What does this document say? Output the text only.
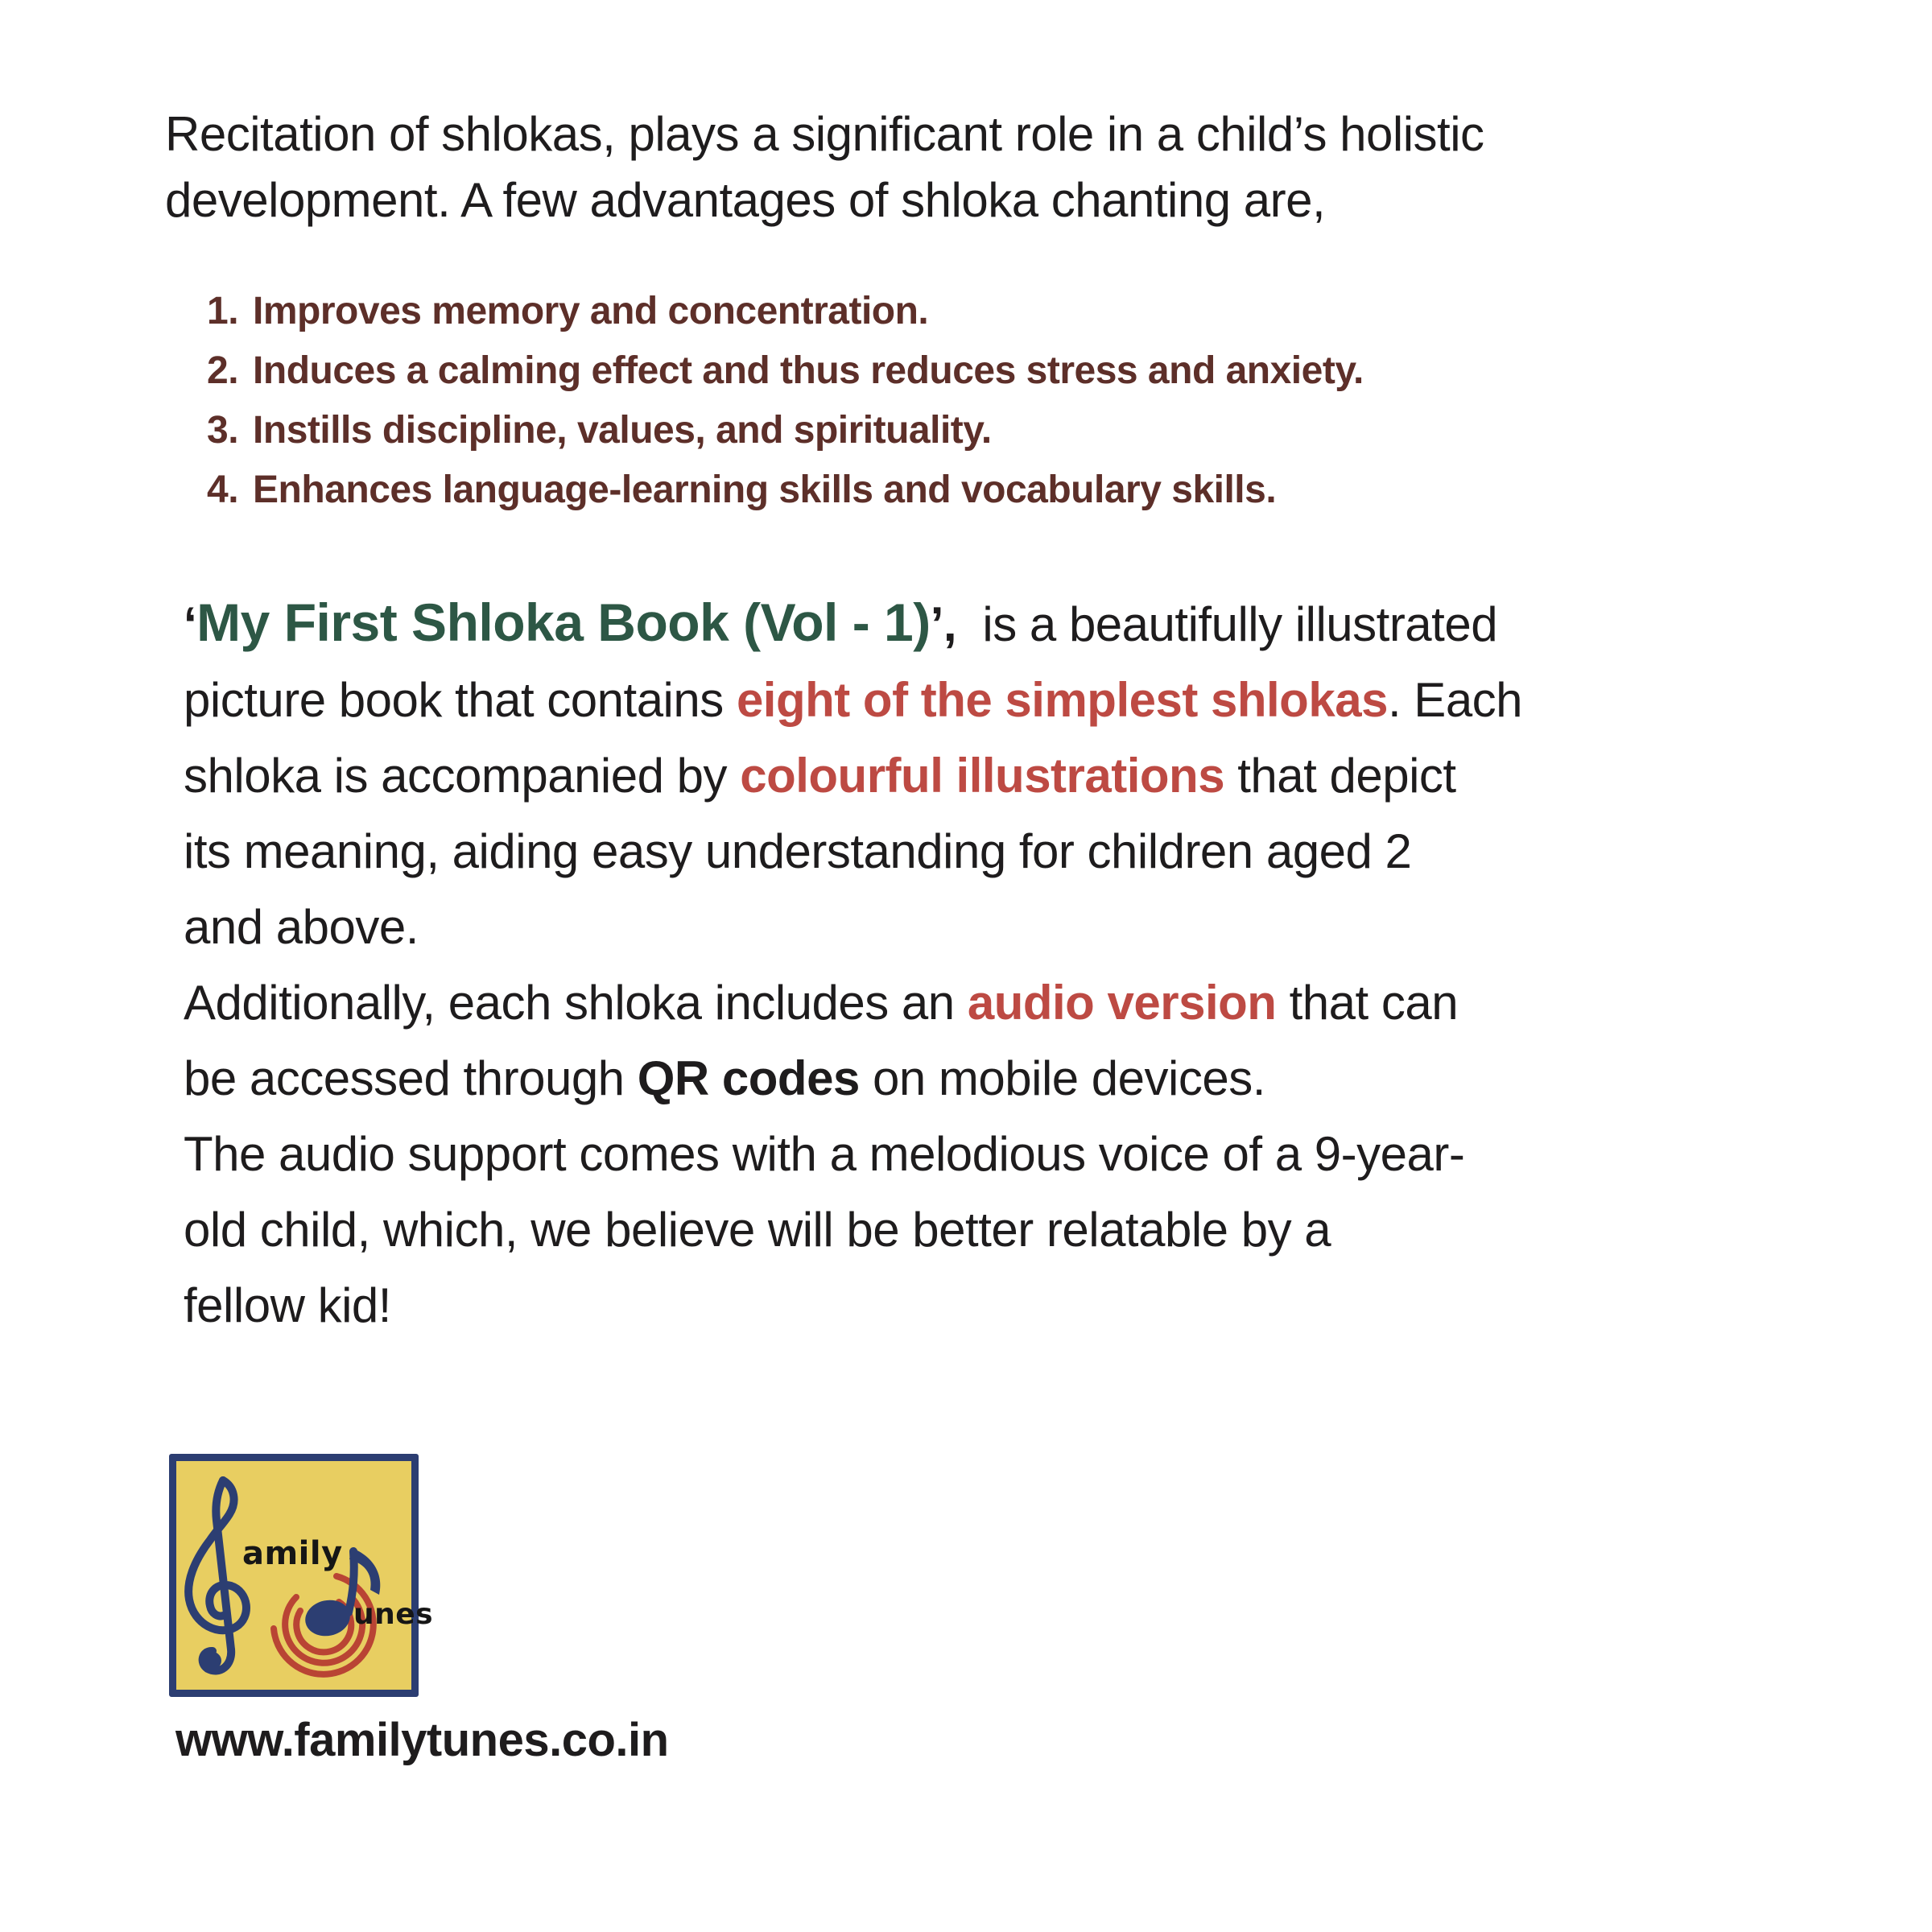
Recitation of shlokas, plays a significant role in a child’s holistic
development. A few advantages of shloka chanting are,
1. Improves memory and concentration.
2. Induces a calming effect and thus reduces stress and anxiety.
3. Instills discipline, values, and spirituality.
4. Enhances language-learning skills and vocabulary skills.
‘My First Shloka Book (Vol - 1)’,  is a beautifully illustrated
picture book that contains eight of the simplest shlokas. Each
shloka is accompanied by colourful illustrations that depict
its meaning, aiding easy understanding for children aged 2
and above.
Additionally, each shloka includes an audio version that can
be accessed through QR codes on mobile devices.
The audio support comes with a melodious voice of a 9-year-
old child, which, we believe will be better relatable by a
fellow kid!
amily
unes
www.familytunes.co.in
